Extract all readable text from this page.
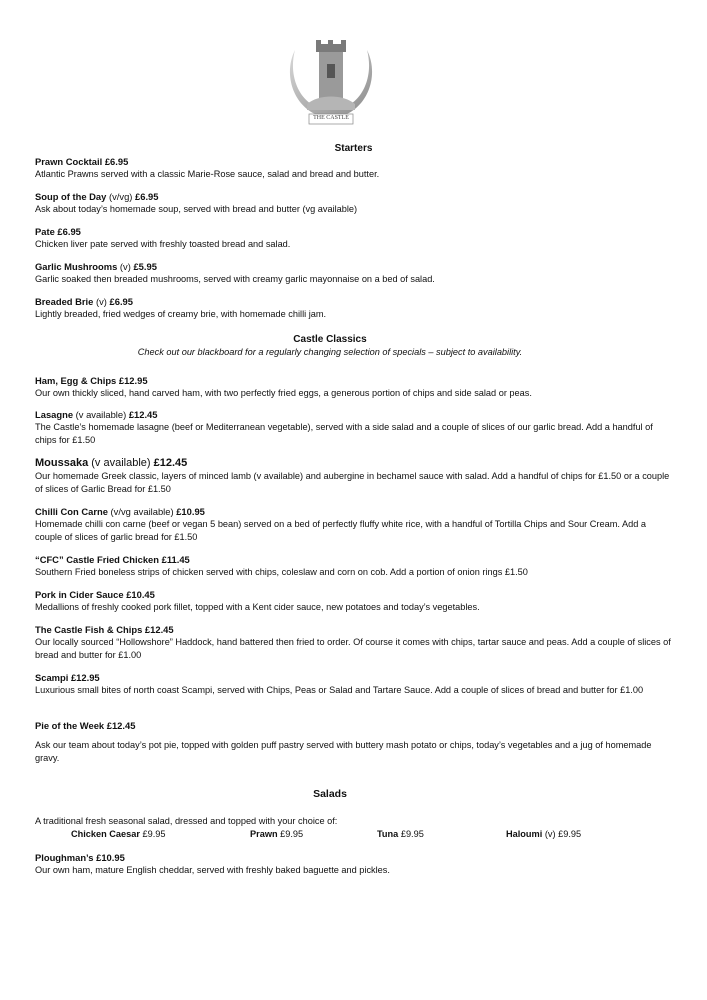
THE CASTLE
Starters
Prawn Cocktail £6.95
Atlantic Prawns served with a classic Marie-Rose sauce, salad and bread and butter.
Soup of the Day (v/vg) £6.95
Ask about today’s homemade soup, served with bread and butter (vg available)
Pate £6.95
Chicken liver pate served with freshly toasted bread and salad.
Garlic Mushrooms (v) £5.95
Garlic soaked then breaded mushrooms, served with creamy garlic mayonnaise on a bed of salad.
Breaded Brie (v) £6.95
Lightly breaded, fried wedges of creamy brie, with homemade chilli jam.
Castle Classics
Check out our blackboard for a regularly changing selection of specials – subject to availability.
Ham, Egg & Chips £12.95
Our own thickly sliced, hand carved ham, with two perfectly fried eggs, a generous portion of chips and side salad or peas.
Lasagne (v available) £12.45
The Castle’s homemade lasagne (beef or Mediterranean vegetable), served with a side salad and a couple of slices of our garlic bread. Add a handful of chips for £1.50
Moussaka (v available) £12.45
Our homemade Greek classic, layers of minced lamb (v available) and aubergine in bechamel sauce with salad. Add a handful of chips for £1.50 or a couple of slices of Garlic Bread for £1.50
Chilli Con Carne (v/vg available) £10.95
Homemade chilli con carne (beef or vegan 5 bean) served on a bed of perfectly fluffy white rice, with a handful of Tortilla Chips and Sour Cream. Add a couple of slices of garlic bread for £1.50
“CFC” Castle Fried Chicken £11.45
Southern Fried boneless strips of chicken served with chips, coleslaw and corn on cob. Add a portion of onion rings £1.50
Pork in Cider Sauce £10.45
Medallions of freshly cooked pork fillet, topped with a Kent cider sauce, new potatoes and today’s vegetables.
The Castle Fish & Chips £12.45
Our locally sourced “Hollowshore” Haddock, hand battered then fried to order. Of course it comes with chips, tartar sauce and peas. Add a couple of slices of bread and butter for £1.00
Scampi £12.95
Luxurious small bites of north coast Scampi, served with Chips, Peas or Salad and Tartare Sauce. Add a couple of slices of bread and butter for £1.00
Pie of the Week £12.45
Ask our team about today’s pot pie, topped with golden puff pastry served with buttery mash potato or chips, today’s vegetables and a jug of homemade gravy.
Salads
A traditional fresh seasonal salad, dressed and topped with your choice of:
Chicken Caesar £9.95	Prawn £9.95	Tuna £9.95	Haloumi (v) £9.95
Ploughman’s £10.95
Our own ham, mature English cheddar, served with freshly baked baguette and pickles.
